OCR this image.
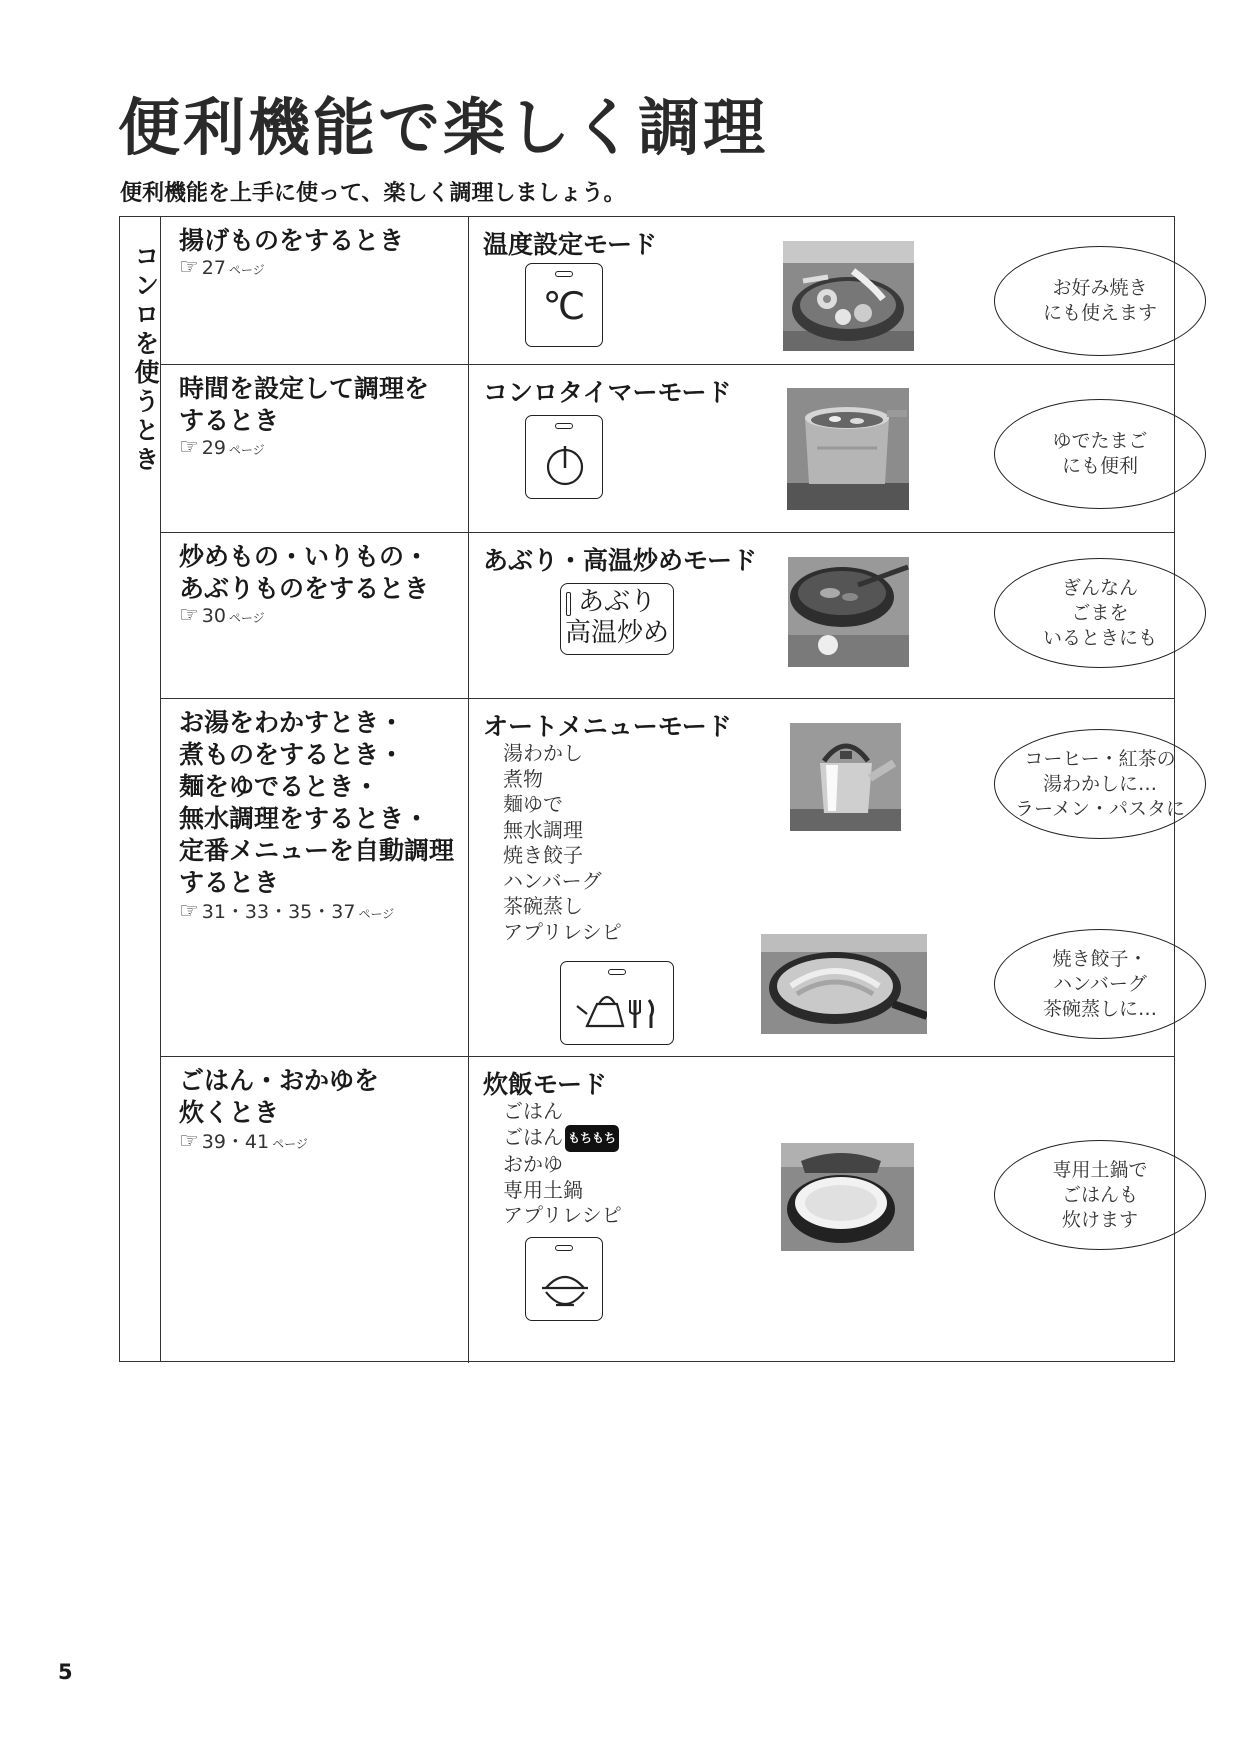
便利機能で楽しく調理
便利機能を上手に使って、楽しく調理しましょう。
コンロを使うとき
揚げものをするとき
☞ 27 ページ
温度設定モード
℃	お好み焼き
にも使えます
時間を設定して調理を
するとき
☞ 29 ページ
コンロタイマーモード
ゆでたまご
にも便利
炒めもの・いりもの・
あぶりものをするとき
☞ 30 ページ
あぶり・高温炒めモード
あぶり
高温炒め
ぎんなん
ごまを
いるときにも
お湯をわかすとき・
煮ものをするとき・
麺をゆでるとき・
無水調理をするとき・
定番メニューを自動調理
するとき
☞ 31・33・35・37 ページ
オートメニューモード
湯わかし
煮物
麺ゆで
無水調理
焼き餃子
ハンバーグ
茶碗蒸し
アプリレシピ
コーヒー・紅茶の
湯わかしに…
ラーメン・パスタに
焼き餃子・
ハンバーグ
茶碗蒸しに…
ごはん・おかゆを
炊くとき
☞ 39・41 ページ
炊飯モード
ごはん
ごはん もちもち
おかゆ
専用土鍋
アプリレシピ
専用土鍋で
ごはんも
炊けます
5
